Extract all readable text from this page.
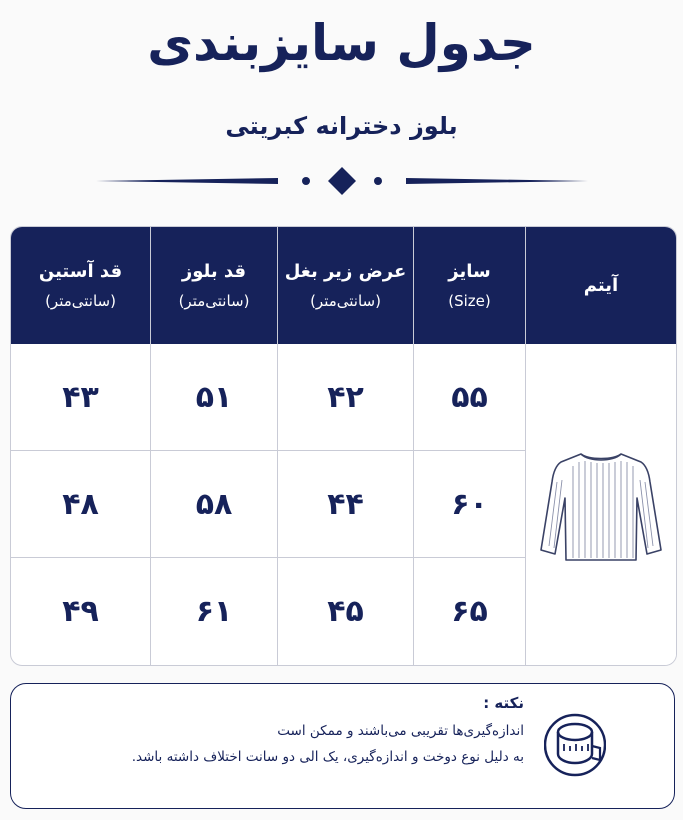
جدول سایزبندی
بلوز دخترانه کبریتی
آیتم
سایز
(Size)
عرض زیر بغل
(سانتی‌متر)
قد بلوز
(سانتی‌متر)
قد آستین
(سانتی‌متر)
۵۵
۴۲
۵۱
۴۳
۶۰
۴۴
۵۸
۴۸
۶۵
۴۵
۶۱
۴۹
نکته :
اندازه‌گیری‌ها تقریبی می‌باشند و ممکن است
به دلیل نوع دوخت و اندازه‌گیری، یک الی دو سانت اختلاف داشته باشد.
